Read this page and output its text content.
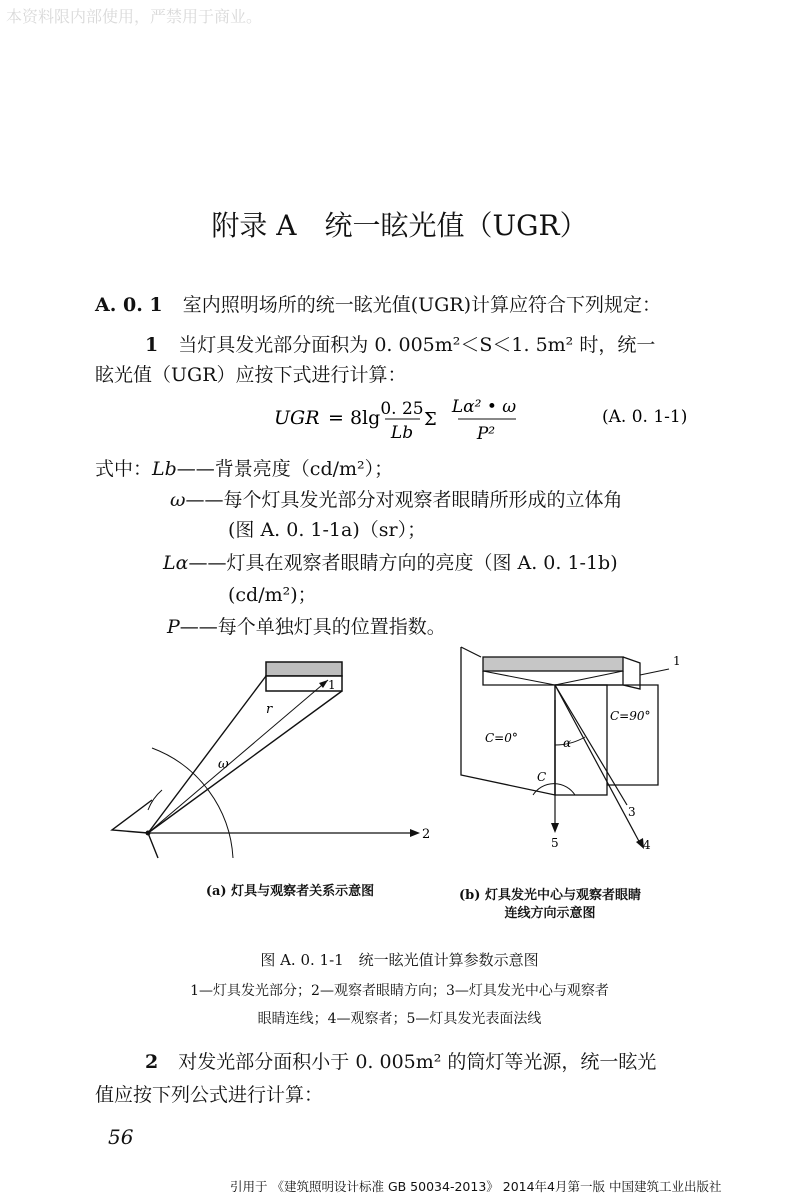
本资料限内部使用，严禁用于商业。
附录 A　统一眩光值（UGR）
A. 0. 1 室内照明场所的统一眩光值(UGR)计算应符合下列规定：
1 当灯具发光部分面积为 0. 005m²＜S＜1. 5m² 时，统一
眩光值（UGR）应按下式进行计算：
UGR = 8lg 0. 25
Lb
Σ
Lα² • ω
P²
(A. 0. 1-1)
式中：Lb——背景亮度（cd/m²）；
ω——每个灯具发光部分对观察者眼睛所形成的立体角
(图 A. 0. 1-1a)（sr）；
Lα——灯具在观察者眼睛方向的亮度（图 A. 0. 1-1b)
(cd/m²)；
P——每个单独灯具的位置指数。
1
r
ω
2
1
C=0°
C=90°
α
C
3
4
5
(a) 灯具与观察者关系示意图	(b) 灯具发光中心与观察者眼睛
连线方向示意图
图 A. 0. 1-1　统一眩光值计算参数示意图
1—灯具发光部分；2—观察者眼睛方向；3—灯具发光中心与观察者
眼睛连线；4—观察者；5—灯具发光表面法线
2 对发光部分面积小于 0. 005m² 的筒灯等光源，统一眩光
值应按下列公式进行计算：
56
引用于 《建筑照明设计标准 GB 50034-2013》 2014年4月第一版 中国建筑工业出版社
